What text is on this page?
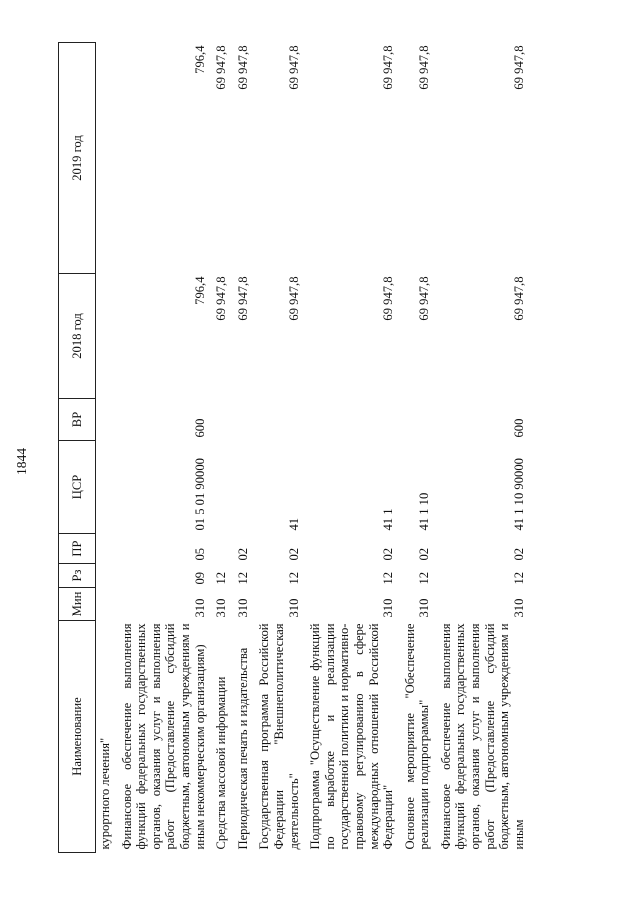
1844
Наименование	Мин	Рз	ПР	ЦСР	ВР	2018 год	2019 год
курортного лечения"							
Финансовое обеспечение выполнения функций федеральных государственных органов, оказания услуг и выполнения работ (Предоставление субсидий бюджетным, автономным учреждениям и иным некоммерческим организациям)	310	09	05	01 5 01 90000	600	796,4	796,4
Средства массовой информации	310	12				69 947,8	69 947,8
Периодическая печать и издательства	310	12	02			69 947,8	69 947,8
Государственная программа Российской Федерации "Внешнеполитическая деятельность"	310	12	02	41		69 947,8	69 947,8
Подпрограмма "Осуществление функций по выработке и реализации государственной политики и нормативно-правовому регулированию в сфере международных отношений Российской Федерации"	310	12	02	41 1		69 947,8	69 947,8
Основное мероприятие "Обеспечение реализации подпрограммы"	310	12	02	41 1 10		69 947,8	69 947,8
Финансовое обеспечение выполнения функций федеральных государственных органов, оказания услуг и выполнения работ (Предоставление субсидий бюджетным, автономным учреждениям и иным	310	12	02	41 1 10 90000	600	69 947,8	69 947,8
